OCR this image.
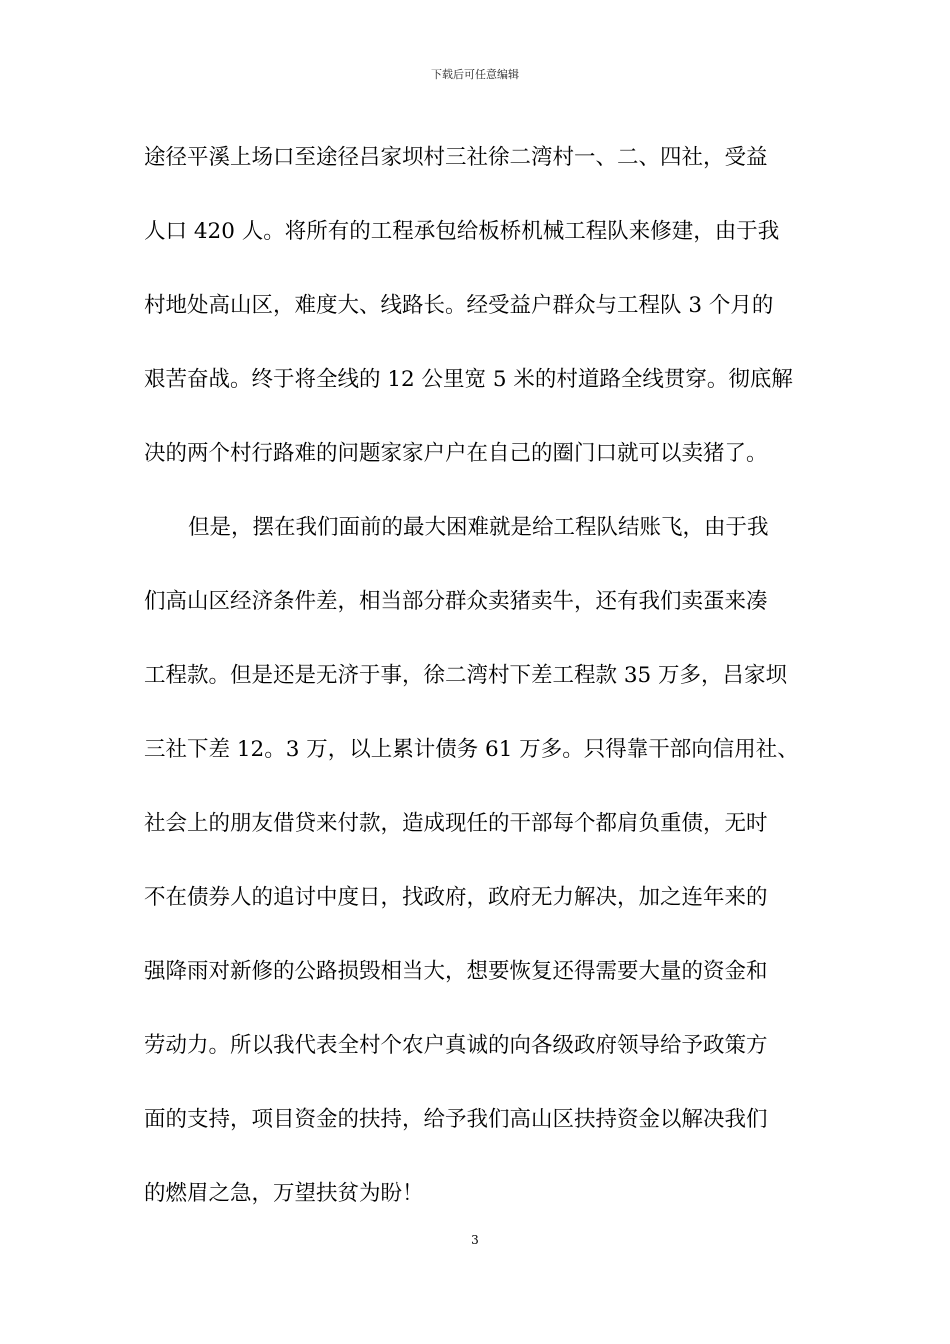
下载后可任意编辑
途径平溪上场口至途径吕家坝村三社徐二湾村一、二、四社，受益
人口 420 人。将所有的工程承包给板桥机械工程队来修建，由于我
村地处高山区，难度大、线路长。经受益户群众与工程队 3 个月的
艰苦奋战。终于将全线的 12 公里宽 5 米的村道路全线贯穿。彻底解
决的两个村行路难的问题家家户户在自己的圈门口就可以卖猪了。
但是，摆在我们面前的最大困难就是给工程队结账飞，由于我
们高山区经济条件差，相当部分群众卖猪卖牛，还有我们卖蛋来凑
工程款。但是还是无济于事，徐二湾村下差工程款 35 万多，吕家坝
三社下差 12。3 万，以上累计债务 61 万多。只得靠干部向信用社、
社会上的朋友借贷来付款，造成现任的干部每个都肩负重债，无时
不在债券人的追讨中度日，找政府，政府无力解决，加之连年来的
强降雨对新修的公路损毁相当大，想要恢复还得需要大量的资金和
劳动力。所以我代表全村个农户真诚的向各级政府领导给予政策方
面的支持，项目资金的扶持，给予我们高山区扶持资金以解决我们
的燃眉之急，万望扶贫为盼！
3
